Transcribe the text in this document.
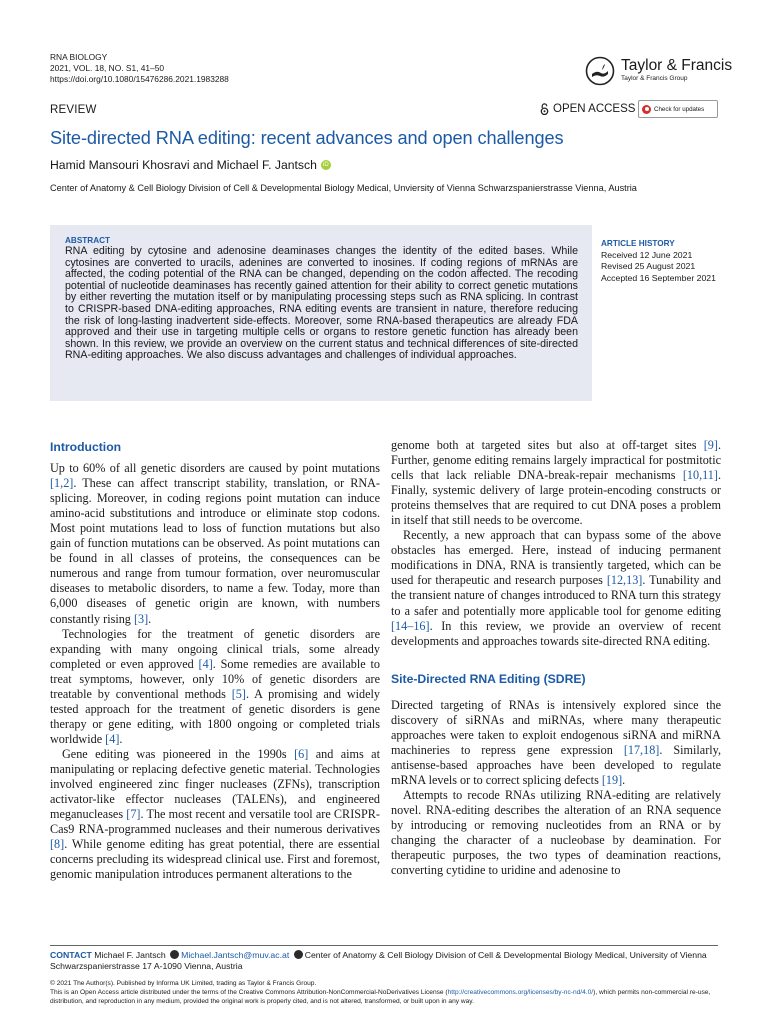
RNA BIOLOGY
2021, VOL. 18, NO. S1, 41–50
https://doi.org/10.1080/15476286.2021.1983288
Taylor & Francis
Taylor & Francis Group
REVIEW	OPEN ACCESS	Check for updates
Site-directed RNA editing: recent advances and open challenges
Hamid Mansouri Khosravi and Michael F. Jantsch	iD
Center of Anatomy & Cell Biology Division of Cell & Developmental Biology Medical, Unviersity of Vienna Schwarzspanierstrasse Vienna, Austria
ABSTRACT

RNA editing by cytosine and adenosine deaminases changes the identity of the edited bases. While cytosines are converted to uracils, adenines are converted to inosines. If coding regions of mRNAs are affected, the coding potential of the RNA can be changed, depending on the codon affected. The recoding potential of nucleotide deaminases has recently gained attention for their ability to correct genetic mutations by either reverting the mutation itself or by manipulating processing steps such as RNA splicing. In contrast to CRISPR-based DNA-editing approaches, RNA editing events are transient in nature, therefore reducing the risk of long-lasting inadvertent side-effects. Moreover, some RNA-based therapeutics are already FDA approved and their use in targeting multiple cells or organs to restore genetic function has already been shown. In this review, we provide an overview on the current status and technical differences of site-directed RNA-editing approaches. We also discuss advantages and challenges of individual approaches.

ARTICLE HISTORY
Received 12 June 2021
Revised 25 August 2021
Accepted 16 September 2021
Introduction

Up to 60% of all genetic disorders are caused by point mutations [1,2]. These can affect transcript stability, translation, or RNA-splicing. Moreover, in coding regions point mutation can induce amino-acid substitutions and introduce or eliminate stop codons. Most point mutations lead to loss of function mutations but also gain of function mutations can be observed. As point mutations can be found in all classes of proteins, the consequences can be numerous and range from tumour formation, over neuromuscular diseases to metabolic disorders, to name a few. Today, more than 6,000 diseases of genetic origin are known, with numbers constantly rising [3].

Technologies for the treatment of genetic disorders are expanding with many ongoing clinical trials, some already completed or even approved [4]. Some remedies are available to treat symptoms, however, only 10% of genetic disorders are treatable by conventional methods [5]. A promising and widely tested approach for the treatment of genetic disorders is gene therapy or gene editing, with 1800 ongoing or completed trials worldwide [4].

Gene editing was pioneered in the 1990s [6] and aims at manipulating or replacing defective genetic material. Technologies involved engineered zinc finger nucleases (ZFNs), transcription activator-like effector nucleases (TALENs), and engineered meganucleases [7]. The most recent and versatile tool are CRISPR-Cas9 RNA-programmed nucleases and their numerous derivatives [8]. While genome editing has great potential, there are essential concerns precluding its widespread clinical use. First and foremost, genomic manipulation introduces permanent alterations to the

genome both at targeted sites but also at off-target sites [9]. Further, genome editing remains largely impractical for postmitotic cells that lack reliable DNA-break-repair mechanisms [10,11]. Finally, systemic delivery of large protein-encoding constructs or proteins themselves that are required to cut DNA poses a problem in itself that still needs to be overcome.

Recently, a new approach that can bypass some of the above obstacles has emerged. Here, instead of inducing permanent modifications in DNA, RNA is transiently targeted, which can be used for therapeutic and research purposes [12,13]. Tunability and the transient nature of changes introduced to RNA turn this strategy to a safer and potentially more applicable tool for genome editing [14–16]. In this review, we provide an overview of recent developments and approaches towards site-directed RNA editing.

Site-Directed RNA Editing (SDRE)

Directed targeting of RNAs is intensively explored since the discovery of siRNAs and miRNAs, where many therapeutic approaches were taken to exploit endogenous siRNA and miRNA machineries to repress gene expression [17,18]. Similarly, antisense-based approaches have been developed to regulate mRNA levels or to correct splicing defects [19].

Attempts to recode RNAs utilizing RNA-editing are relatively novel. RNA-editing describes the alteration of an RNA sequence by introducing or removing nucleotides from an RNA or by changing the character of a nucleobase by deamination. For therapeutic purposes, the two types of deamination reactions, converting cytidine to uridine and adenosine to

CONTACT Michael F. Jantsch Michael.Jantsch@muv.ac.at Center of Anatomy & Cell Biology Division of Cell & Developmental Biology Medical, University of Vienna Schwarzspanierstrasse 17 A-1090 Vienna, Austria
© 2021 The Author(s). Published by Informa UK Limited, trading as Taylor & Francis Group.
This is an Open Access article distributed under the terms of the Creative Commons Attribution-NonCommercial-NoDerivatives License (http://creativecommons.org/licenses/by-nc-nd/4.0/), which permits non-commercial re-use, distribution, and reproduction in any medium, provided the original work is properly cited, and is not altered, transformed, or built upon in any way.
